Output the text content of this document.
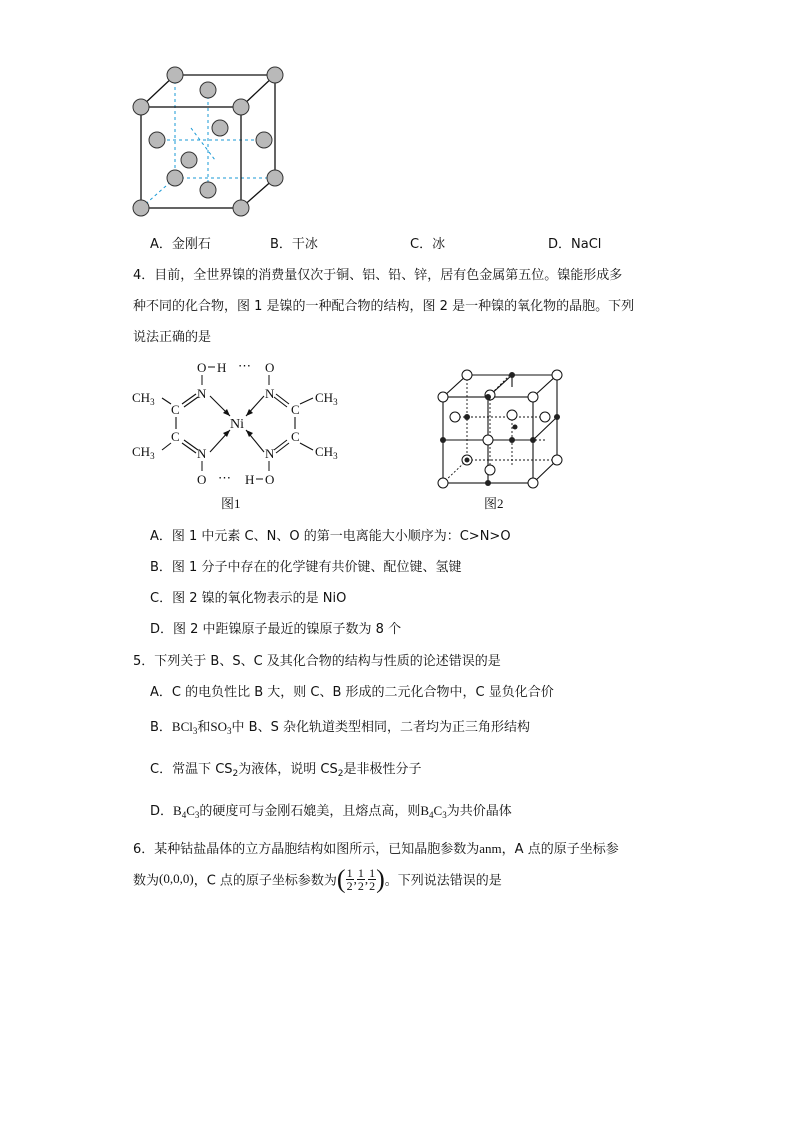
A．金刚石	B．干冰	C．冰	D．NaCl
4．目前，全世界镍的消费量仅次于铜、铝、铅、锌，居有色金属第五位。镍能形成多
种不同的化合物，图 1 是镍的一种配合物的结构，图 2 是一种镍的氧化物的晶胞。下列
说法正确的是
O H ⋯ O
N	N
$CH_3$
$CH_3$
$CH_3$
$CH_3$
C
C
C
C
Ni
N	N
O ⋯ H O
图1	图2
A．图 1 中元素 C、N、O 的第一电离能大小顺序为：C>N>O
B．图 1 分子中存在的化学键有共价键、配位键、氢键
C．图 2 镍的氧化物表示的是 NiO
D．图 2 中距镍原子最近的镍原子数为 8 个
5．下列关于 B、S、C 及其化合物的结构与性质的论述错误的是
A．C 的电负性比 B 大，则 C、B 形成的二元化合物中，C 显负化合价
B．BCl$_3$和$SO_3$中 B、S 杂化轨道类型相同，二者均为正三角形结构
C．常温下 $CS_2$为液体，说明 $CS_2$是非极性分子
D．$B_4C_3$的硬度可与金刚石媲美，且熔点高，则$B_4C_3$为共价晶体
6．某种钴盐晶体的立方晶胞结构如图所示，已知晶胞参数为anm，A 点的原子坐标参
数为(0,0,0)，C 点的原子坐标参数为( $\frac{1}{2}$ , $\frac{1}{2}$ , $\frac{1}{2}$ )。下列说法错误的是
